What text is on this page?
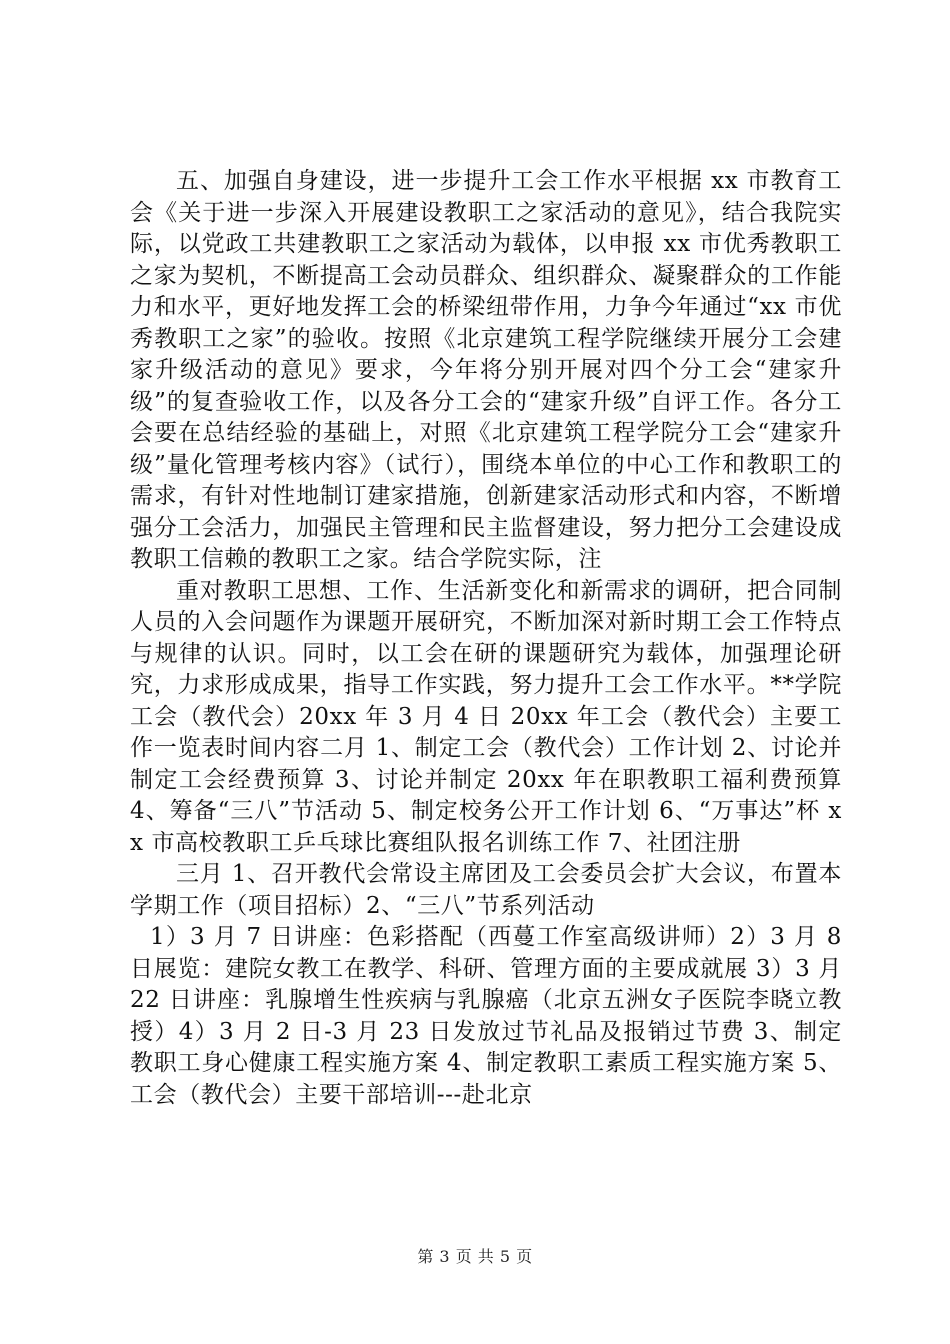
五、加强自身建设，进一步提升工会工作水平根据 xx 市教育工会《关于进一步深入开展建设教职工之家活动的意见》，结合我院实际，以党政工共建教职工之家活动为载体，以申报 xx 市优秀教职工之家为契机，不断提高工会动员群众、组织群众、凝聚群众的工作能力和水平，更好地发挥工会的桥梁纽带作用，力争今年通过“xx 市优秀教职工之家”的验收。按照《北京建筑工程学院继续开展分工会建家升级活动的意见》要求，今年将分别开展对四个分工会“建家升级”的复查验收工作，以及各分工会的“建家升级”自评工作。各分工会要在总结经验的基础上，对照《北京建筑工程学院分工会“建家升级”量化管理考核内容》（试行），围绕本单位的中心工作和教职工的需求，有针对性地制订建家措施，创新建家活动形式和内容，不断增强分工会活力，加强民主管理和民主监督建设，努力把分工会建设成教职工信赖的教职工之家。结合学院实际，注

重对教职工思想、工作、生活新变化和新需求的调研，把合同制人员的入会问题作为课题开展研究，不断加深对新时期工会工作特点与规律的认识。同时，以工会在研的课题研究为载体，加强理论研究，力求形成成果，指导工作实践，努力提升工会工作水平。**学院工会（教代会）20xx 年 3 月 4 日 20xx 年工会（教代会）主要工作一览表时间内容二月 1、制定工会（教代会）工作计划 2、讨论并制定工会经费预算 3、讨论并制定 20xx 年在职教职工福利费预算 4、筹备“三八”节活动 5、制定校务公开工作计划 6、“万事达”杯 xx 市高校教职工乒乓球比赛组队报名训练工作 7、社团注册

三月 1、召开教代会常设主席团及工会委员会扩大会议，布置本学期工作（项目招标）2、“三八”节系列活动

1）3 月 7 日讲座：色彩搭配（西蔓工作室高级讲师）2）3 月 8 日展览：建院女教工在教学、科研、管理方面的主要成就展 3）3 月 22 日讲座：乳腺增生性疾病与乳腺癌（北京五洲女子医院李晓立教授）4）3 月 2 日-3 月 23 日发放过节礼品及报销过节费 3、制定教职工身心健康工程实施方案 4、制定教职工素质工程实施方案 5、工会（教代会）主要干部培训---赴北京

第 3 页 共 5 页
